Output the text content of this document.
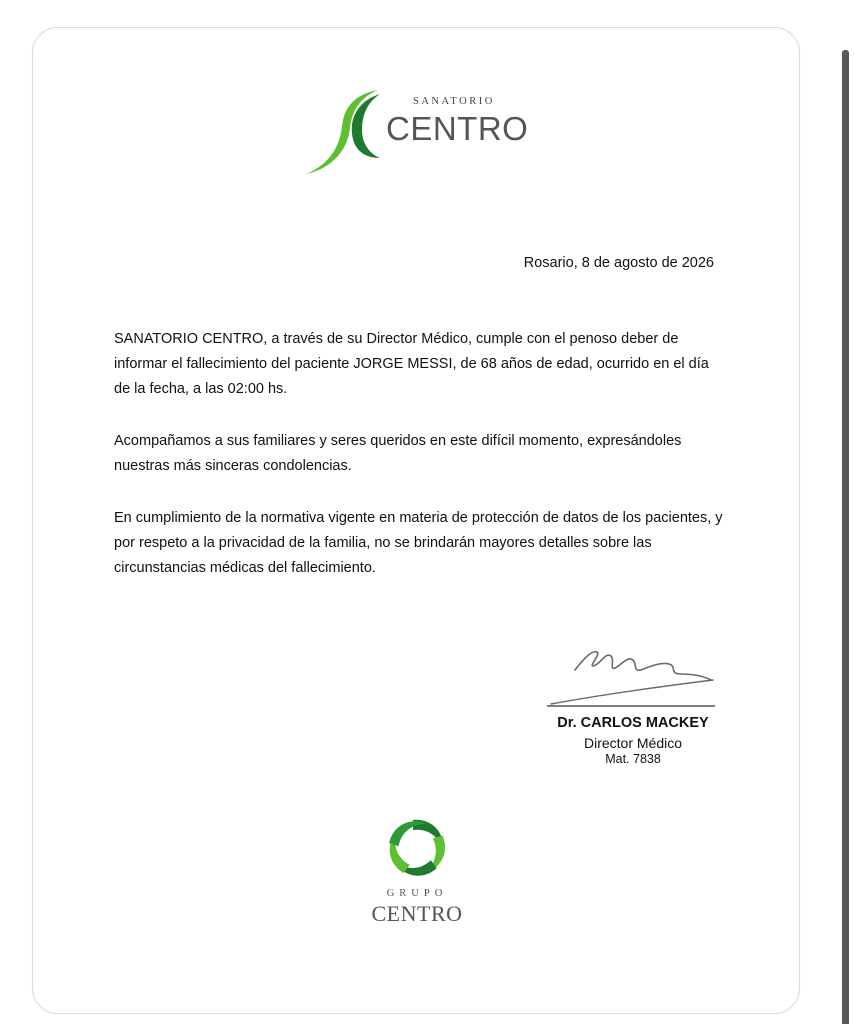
SANATORIO
CENTRO
Rosario, 8 de agosto de 2026

SANATORIO CENTRO, a través de su Director Médico, cumple con el penoso deber de informar el fallecimiento del paciente JORGE MESSI, de 68 años de edad, ocurrido en el día de la fecha, a las 02:00 hs.

Acompañamos a sus familiares y seres queridos en este difícil momento, expresándoles nuestras más sinceras condolencias.

En cumplimiento de la normativa vigente en materia de protección de datos de los pacientes, y por respeto a la privacidad de la familia, no se brindarán mayores detalles sobre las circunstancias médicas del fallecimiento.

Dr. CARLOS MACKEY
Director Médico
Mat. 7838
GRUPO
CENTRO
